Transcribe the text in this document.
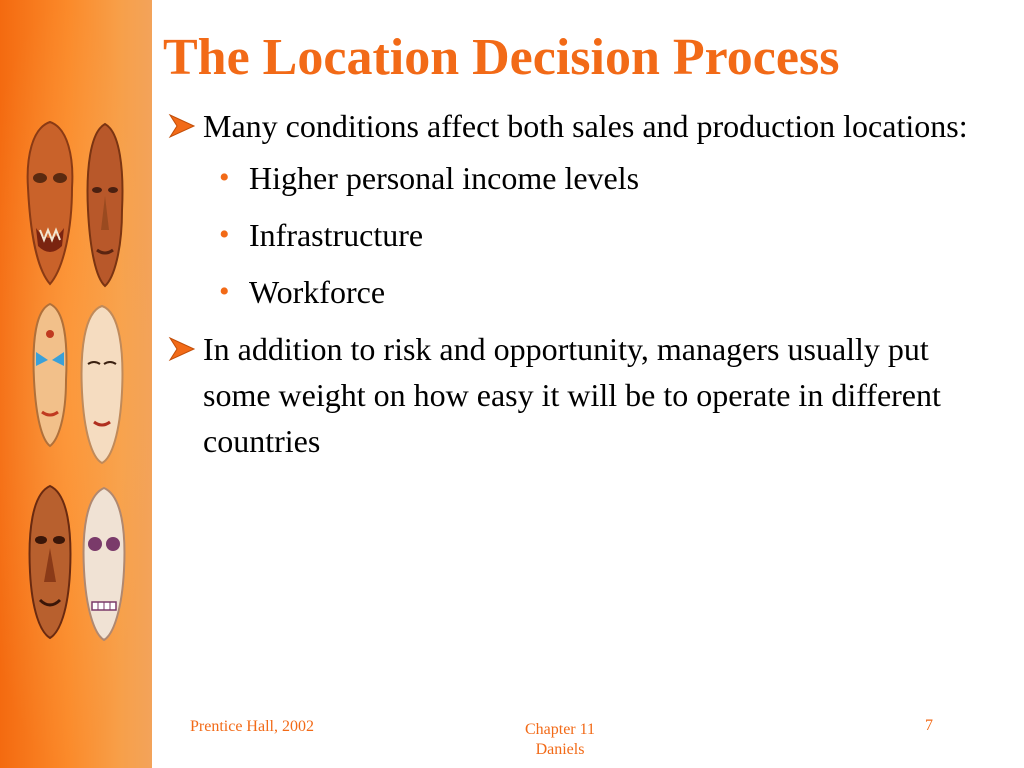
The Location Decision Process
Many conditions affect both sales and production locations:
• Higher personal income levels
• Infrastructure
• Workforce
In addition to risk and opportunity, managers usually put some weight on how easy it will be to operate in different countries
Prentice Hall, 2002	Chapter 11
Daniels
7
